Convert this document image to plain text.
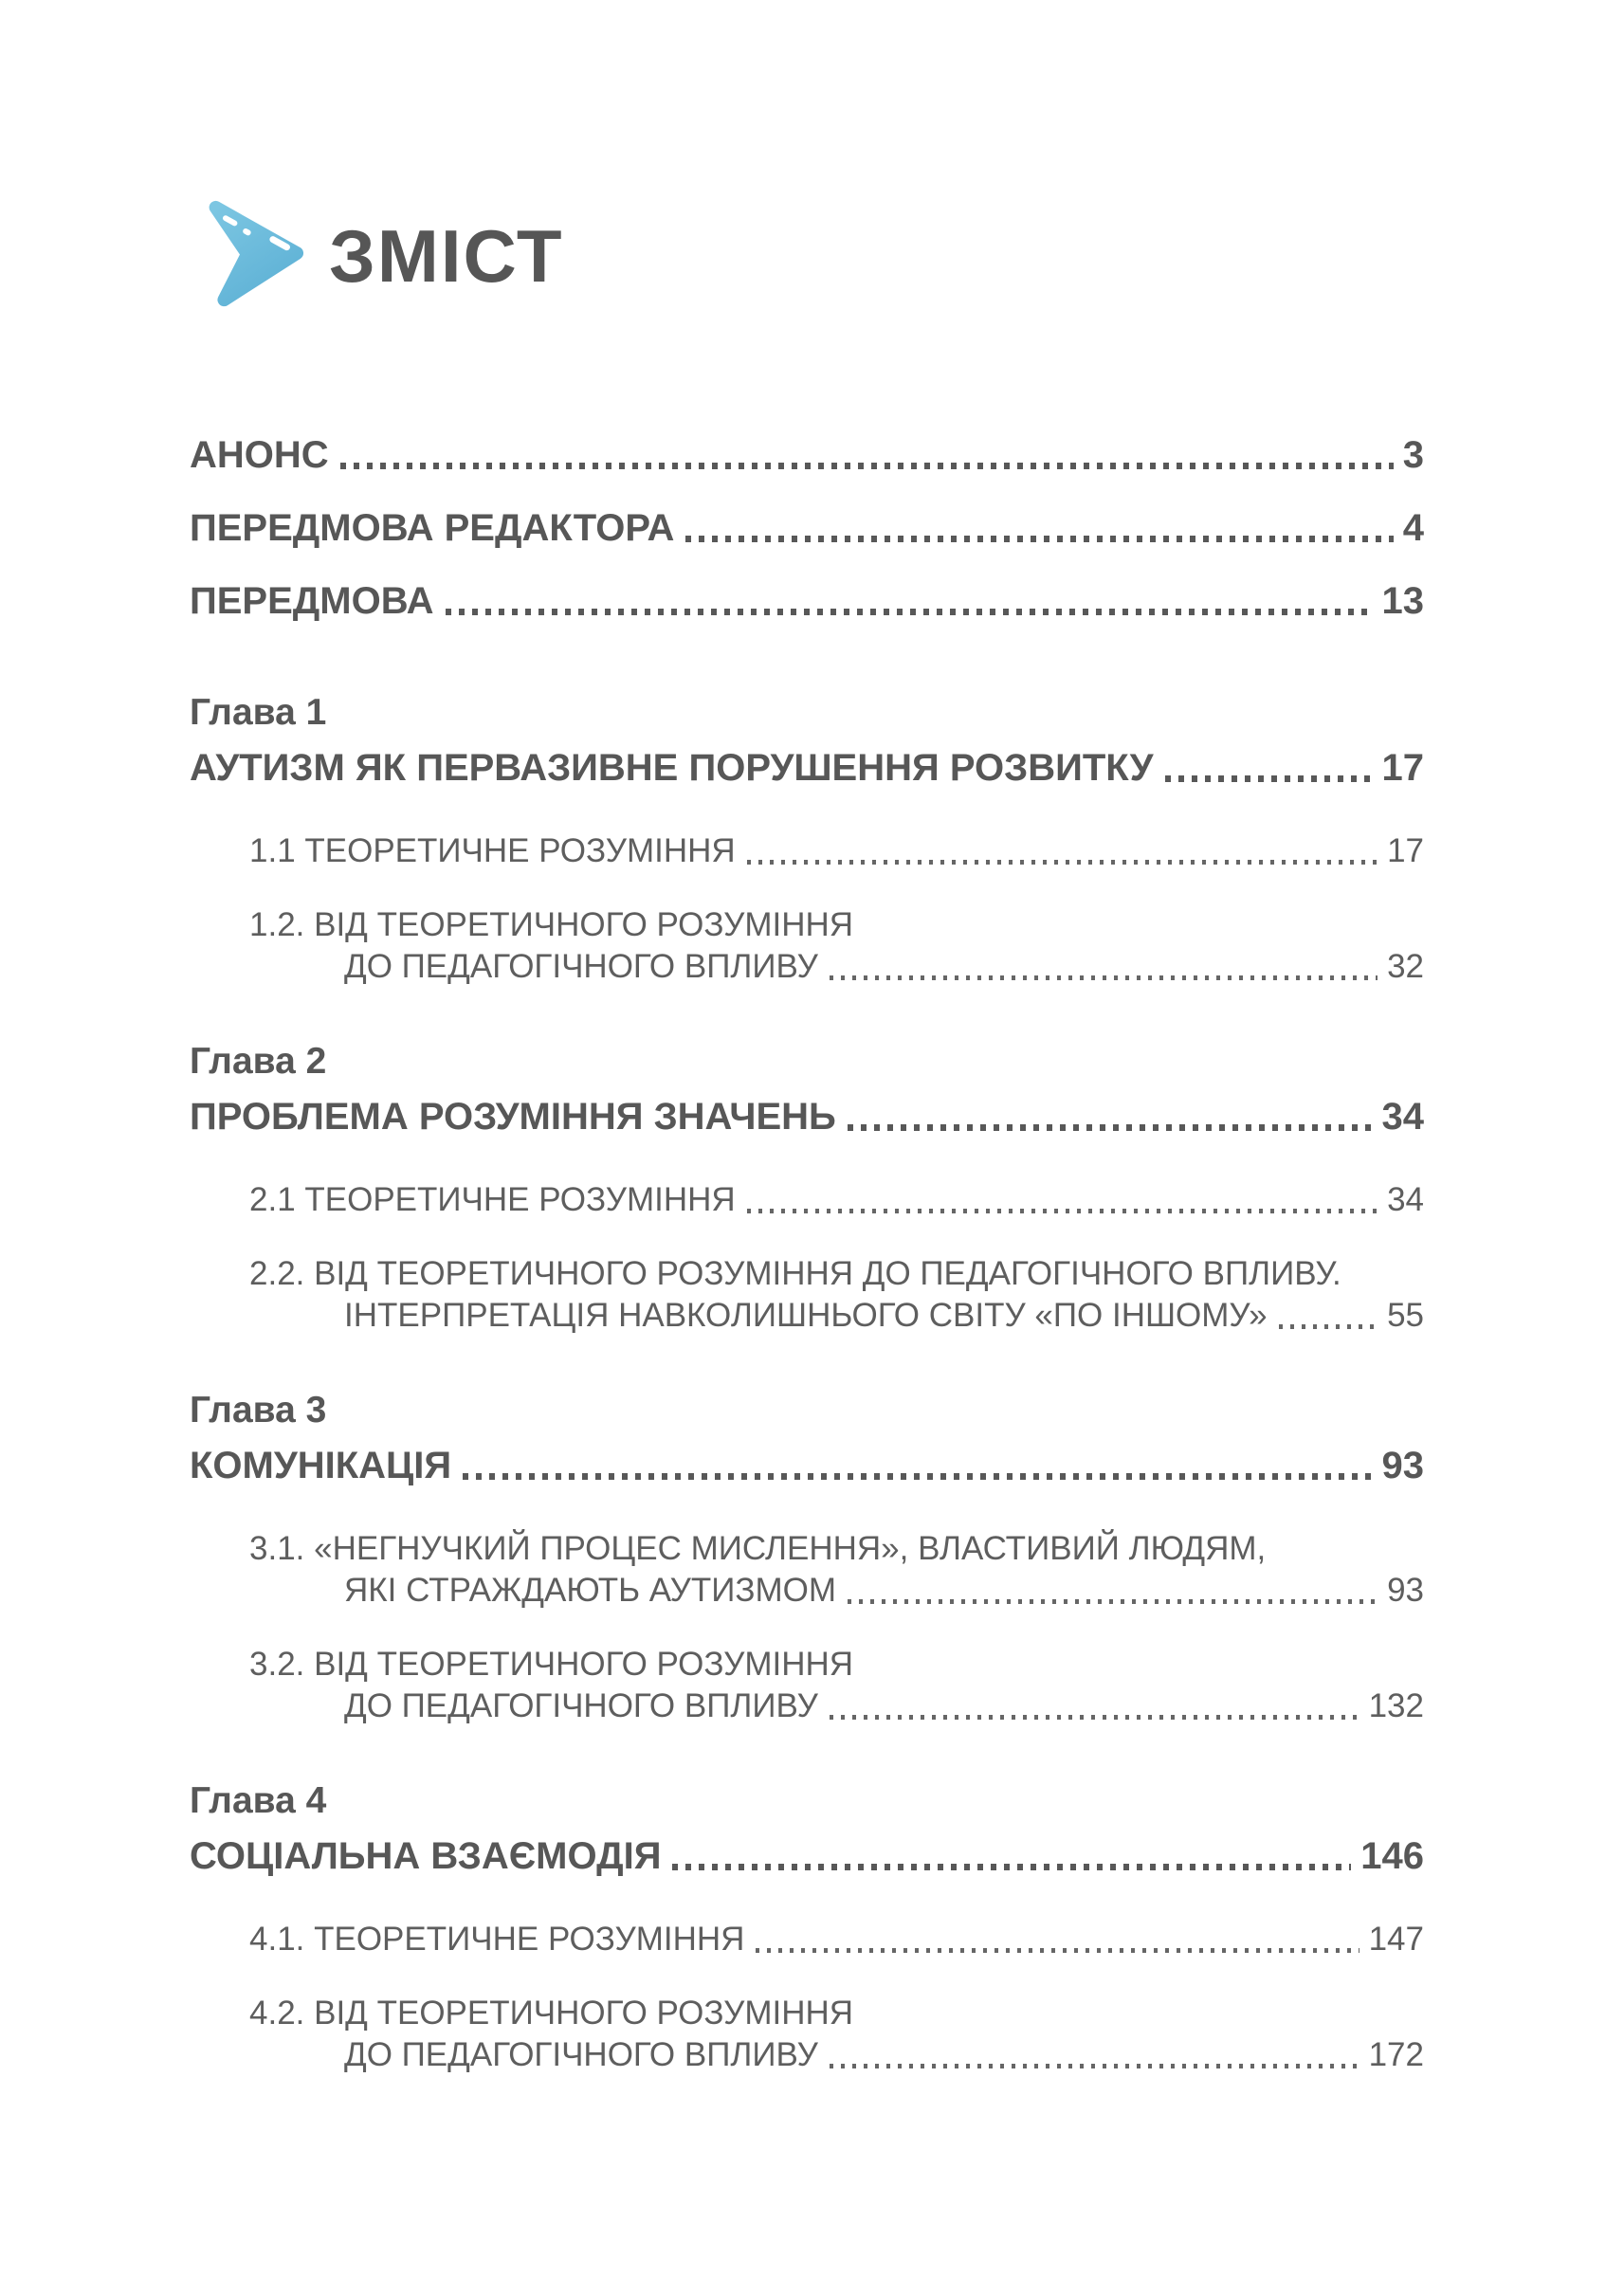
ЗМІСТ
АНОНС	3
ПЕРЕДМОВА РЕДАКТОРА	4
ПЕРЕДМОВА	13
Глава 1
АУТИЗМ ЯК ПЕРВАЗИВНЕ ПОРУШЕННЯ РОЗВИТКУ	17
1.1 ТЕОРЕТИЧНЕ РОЗУМІННЯ	17
1.2. ВІД ТЕОРЕТИЧНОГО РОЗУМІННЯ
ДО ПЕДАГОГІЧНОГО ВПЛИВУ	32
Глава 2
ПРОБЛЕМА РОЗУМІННЯ ЗНАЧЕНЬ	34
2.1 ТЕОРЕТИЧНЕ РОЗУМІННЯ	34
2.2. ВІД ТЕОРЕТИЧНОГО РОЗУМІННЯ ДО ПЕДАГОГІЧНОГО ВПЛИВУ.
ІНТЕРПРЕТАЦІЯ НАВКОЛИШНЬОГО СВІТУ «ПО ІНШОМУ»	55
Глава 3
КОМУНІКАЦІЯ	93
3.1. «НЕГНУЧКИЙ ПРОЦЕС МИСЛЕННЯ», ВЛАСТИВИЙ ЛЮДЯМ,
ЯКІ СТРАЖДАЮТЬ АУТИЗМОМ	93
3.2. ВІД ТЕОРЕТИЧНОГО РОЗУМІННЯ
ДО ПЕДАГОГІЧНОГО ВПЛИВУ	132
Глава 4
СОЦІАЛЬНА ВЗАЄМОДІЯ	146
4.1. ТЕОРЕТИЧНЕ РОЗУМІННЯ	147
4.2. ВІД ТЕОРЕТИЧНОГО РОЗУМІННЯ
ДО ПЕДАГОГІЧНОГО ВПЛИВУ	172
